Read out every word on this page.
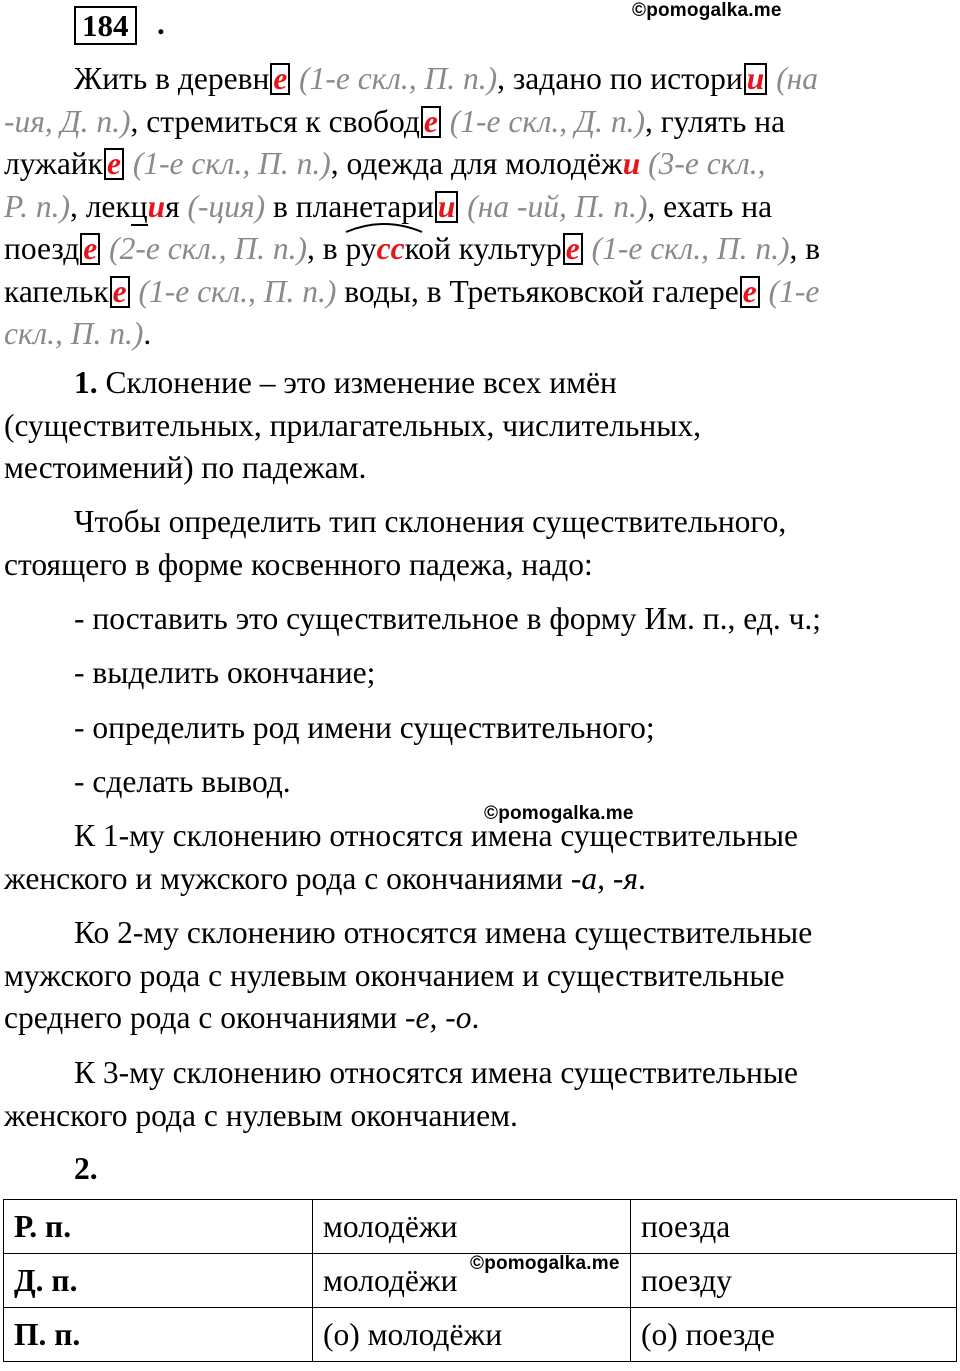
©pomogalka.me
©pomogalka.me
©pomogalka.me
184 .
Жить в деревн е (1-е скл., П. п.), задано по истори и (на
-ия, Д. п.), стремиться к свобод е (1-е скл., Д. п.), гулять на
лужайк е (1-е скл., П. п.), одежда для молодёжи (3-е скл.,
Р. п.), лекция (-ция) в планетари и (на -ий, П. п.), ехать на
поезд е (2-е скл., П. п.), в
русской культур е (1-е скл., П. п.), в
капельк е (1-е скл., П. п.) воды, в Третьяковской галере е (1-е
скл., П. п.).
1. Склонение – это изменение всех имён
(существительных, прилагательных, числительных,
местоимений) по падежам.
Чтобы определить тип склонения существительного,
стоящего в форме косвенного падежа, надо:
- поставить это существительное в форму Им. п., ед. ч.;
- выделить окончание;
- определить род имени существительного;
- сделать вывод.
К 1-му склонению относятся имена существительные
женского и мужского рода с окончаниями -а, -я.
Ко 2-му склонению относятся имена существительные
мужского рода с нулевым окончанием и существительные
среднего рода с окончаниями -е, -о.
К 3-му склонению относятся имена существительные
женского рода с нулевым окончанием.
2.
Р. п.	молодёжи	поезда
Д. п.	молодёжи	поезду
П. п.	(о) молодёжи	(о) поезде
